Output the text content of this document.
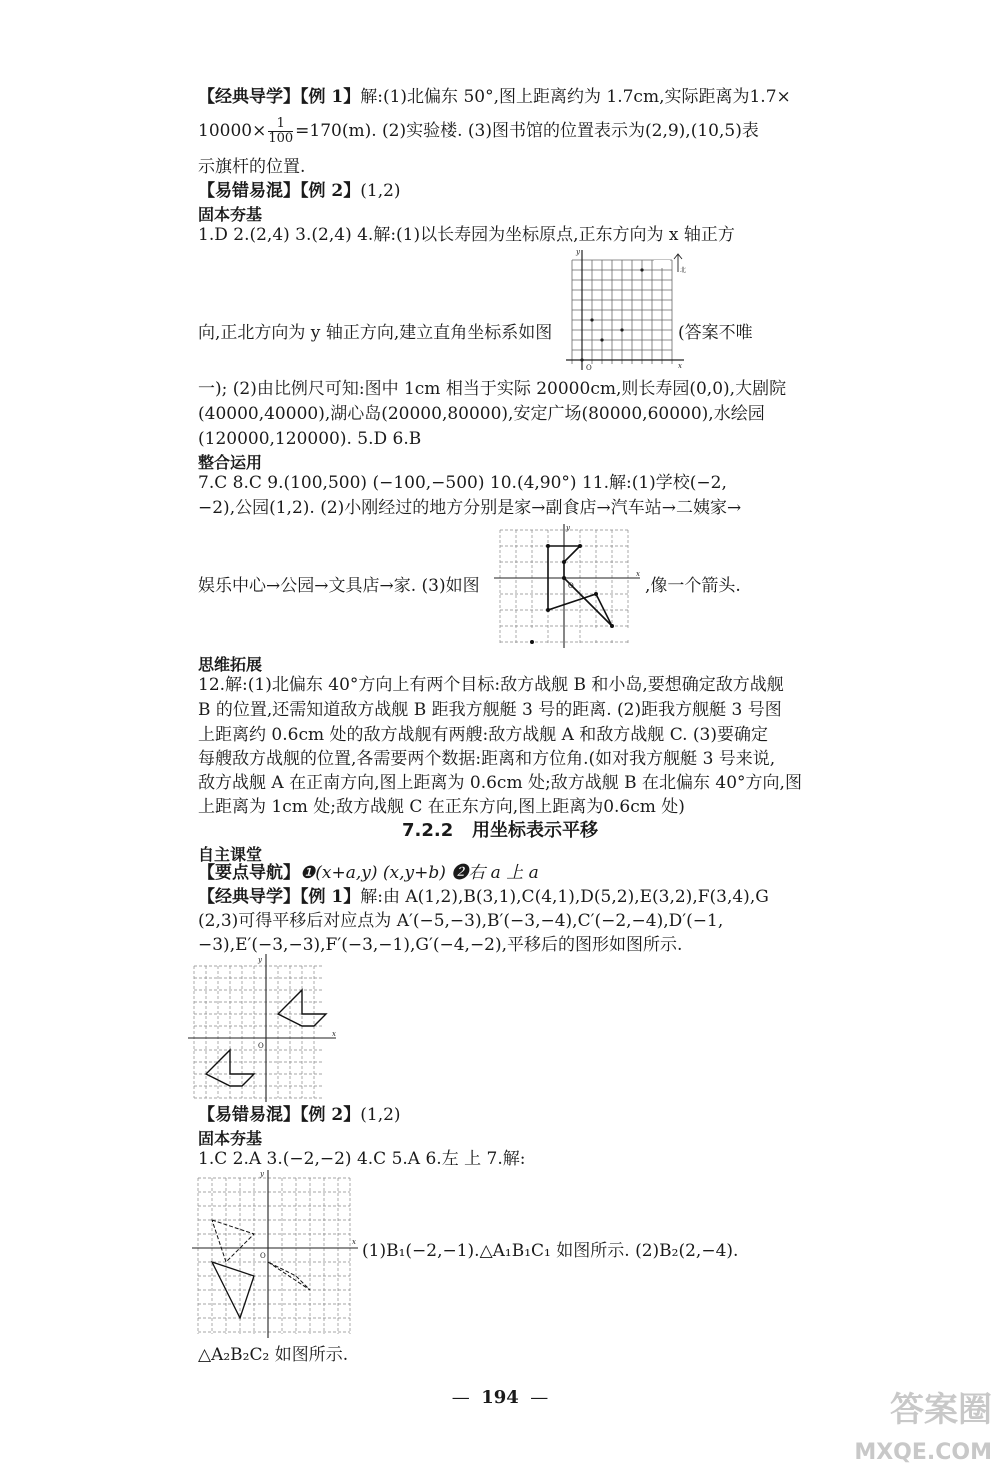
【经典导学】【例 1】解:(1)北偏东 50°,图上距离约为 1.7cm,实际距离为1.7×
$10000\times \frac{1}{100} =170(m)$. (2)实验楼. (3)图书馆的位置表示为(2,9),(10,5)表
示旗杆的位置.
【易错易混】【例 2】(1,2)
固本夯基
1.D 2.(2,4) 3.(2,4) 4.解:(1)以长寿园为坐标原点,正东方向为 x 轴正方
向,正北方向为 y 轴正方向,建立直角坐标系如图	(答案不唯
y
x
O
北
一); (2)由比例尺可知:图中 1cm 相当于实际 20000cm,则长寿园(0,0),大剧院
(40000,40000),湖心岛(20000,80000),安定广场(80000,60000),水绘园
(120000,120000). 5.D 6.B
整合运用
7.C 8.C 9.(100,500) (−100,−500) 10.(4,90°) 11.解:(1)学校(−2,
−2),公园(1,2). (2)小刚经过的地方分别是家→副食店→汽车站→二姨家→
娱乐中心→公园→文具店→家. (3)如图	,像一个箭头.
y
x
O
思维拓展
12.解:(1)北偏东 40°方向上有两个目标:敌方战舰 B 和小岛,要想确定敌方战舰
B 的位置,还需知道敌方战舰 B 距我方舰艇 3 号的距离. (2)距我方舰艇 3 号图
上距离约 0.6cm 处的敌方战舰有两艘:敌方战舰 A 和敌方战舰 C. (3)要确定
每艘敌方战舰的位置,各需要两个数据:距离和方位角.(如对我方舰艇 3 号来说,
敌方战舰 A 在正南方向,图上距离为 0.6cm 处;敌方战舰 B 在北偏东 40°方向,图
上距离为 1cm 处;敌方战舰 C 在正东方向,图上距离为0.6cm 处)
7.2.2 用坐标表示平移
自主课堂
【要点导航】❶(x+a,y) (x,y+b) ❷右 a 上 a
【经典导学】【例 1】解:由 A(1,2),B(3,1),C(4,1),D(5,2),E(3,2),F(3,4),G
(2,3)可得平移后对应点为 A′(−5,−3),B′(−3,−4),C′(−2,−4),D′(−1,
−3),E′(−3,−3),F′(−3,−1),G′(−4,−2),平移后的图形如图所示.
y
x
O
【易错易混】【例 2】(1,2)
固本夯基
1.C 2.A 3.(−2,−2) 4.C 5.A 6.左 上 7.解:
y
x
O	(1)B₁(−2,−1).△A₁B₁C₁ 如图所示. (2)B₂(2,−4).
△A₂B₂C₂ 如图所示.
— 194 —	答案圈
MXQE.COM
